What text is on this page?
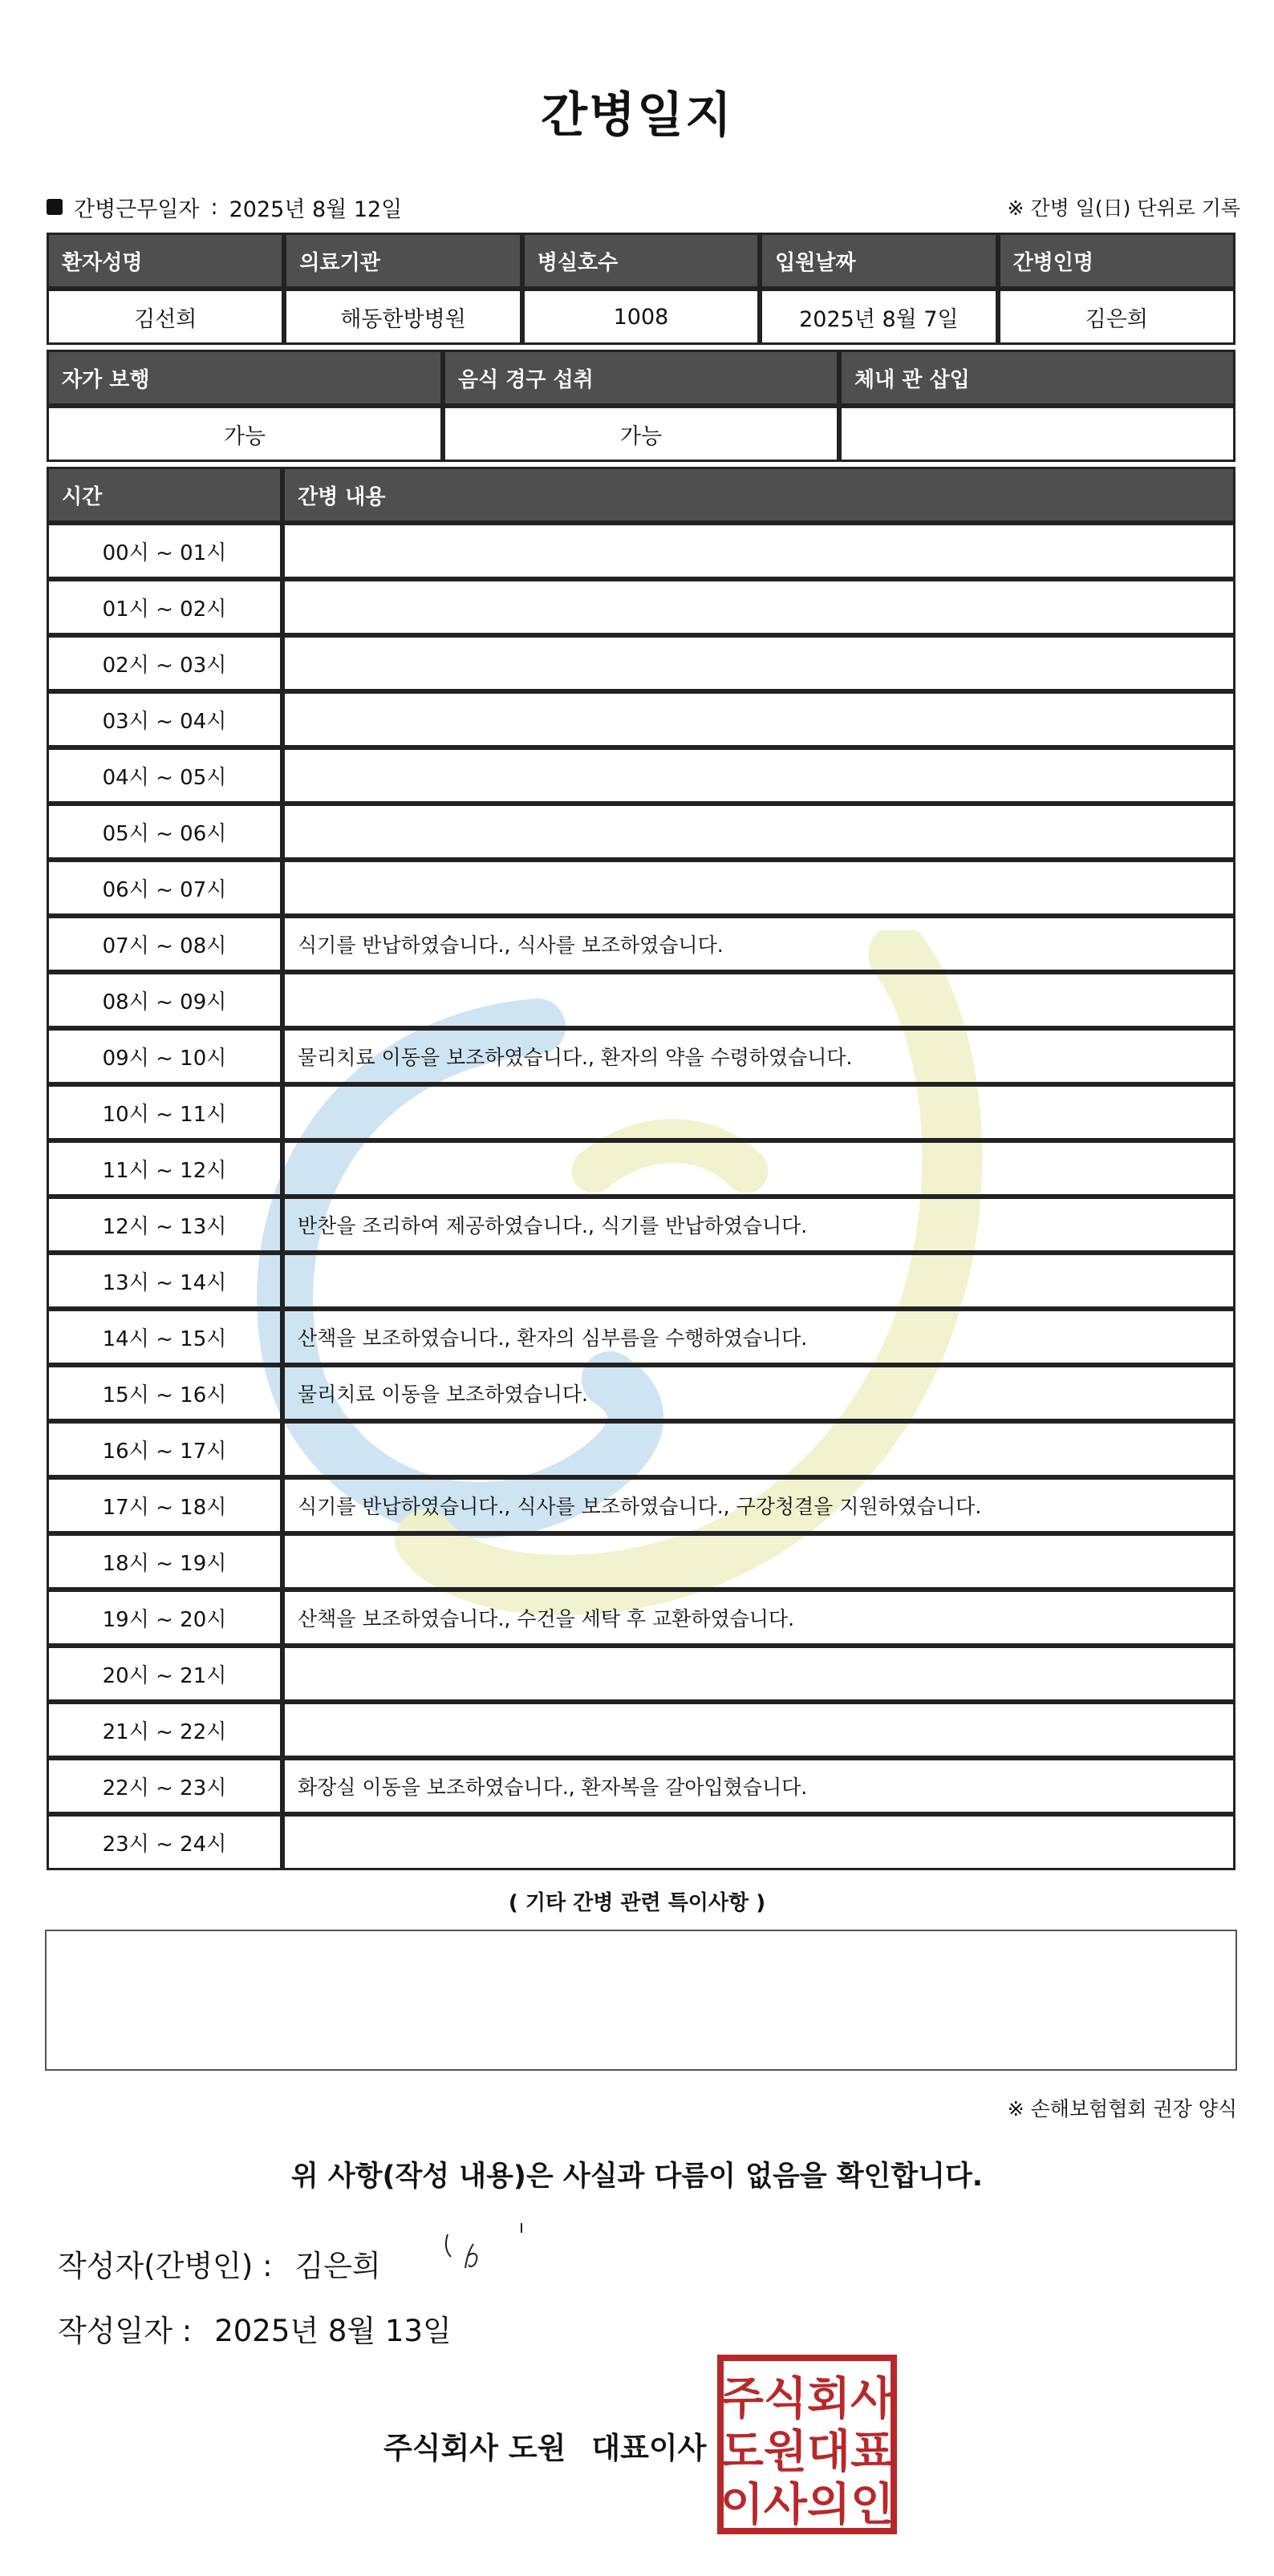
간병일지
간병근무일자 : 2025년 8월 12일	※ 간병 일(日) 단위로 기록
환자성명	의료기관	병실호수	입원날짜	간병인명
김선희	해동한방병원	1008	2025년 8월 7일	김은희
자가 보행	음식 경구 섭취	체내 관 삽입
가능	가능	
시간	간병 내용
00시 ~ 01시	
01시 ~ 02시	
02시 ~ 03시	
03시 ~ 04시	
04시 ~ 05시	
05시 ~ 06시	
06시 ~ 07시	
07시 ~ 08시	식기를 반납하였습니다., 식사를 보조하였습니다.
08시 ~ 09시	
09시 ~ 10시	물리치료 이동을 보조하였습니다., 환자의 약을 수령하였습니다.
10시 ~ 11시	
11시 ~ 12시	
12시 ~ 13시	반찬을 조리하여 제공하였습니다., 식기를 반납하였습니다.
13시 ~ 14시	
14시 ~ 15시	산책을 보조하였습니다., 환자의 심부름을 수행하였습니다.
15시 ~ 16시	물리치료 이동을 보조하였습니다.
16시 ~ 17시	
17시 ~ 18시	식기를 반납하였습니다., 식사를 보조하였습니다., 구강청결을 지원하였습니다.
18시 ~ 19시	
19시 ~ 20시	산책을 보조하였습니다., 수건을 세탁 후 교환하였습니다.
20시 ~ 21시	
21시 ~ 22시	
22시 ~ 23시	화장실 이동을 보조하였습니다., 환자복을 갈아입혔습니다.
23시 ~ 24시	
( 기타 간병 관련 특이사항 )
※ 손해보험협회 권장 양식
위 사항(작성 내용)은 사실과 다름이 없음을 확인합니다.
작성자(간병인) : 김은희
작성일자 : 2025년 8월 13일
주식회사 도원 대표이사
주식회사
도원대표
이사의인
